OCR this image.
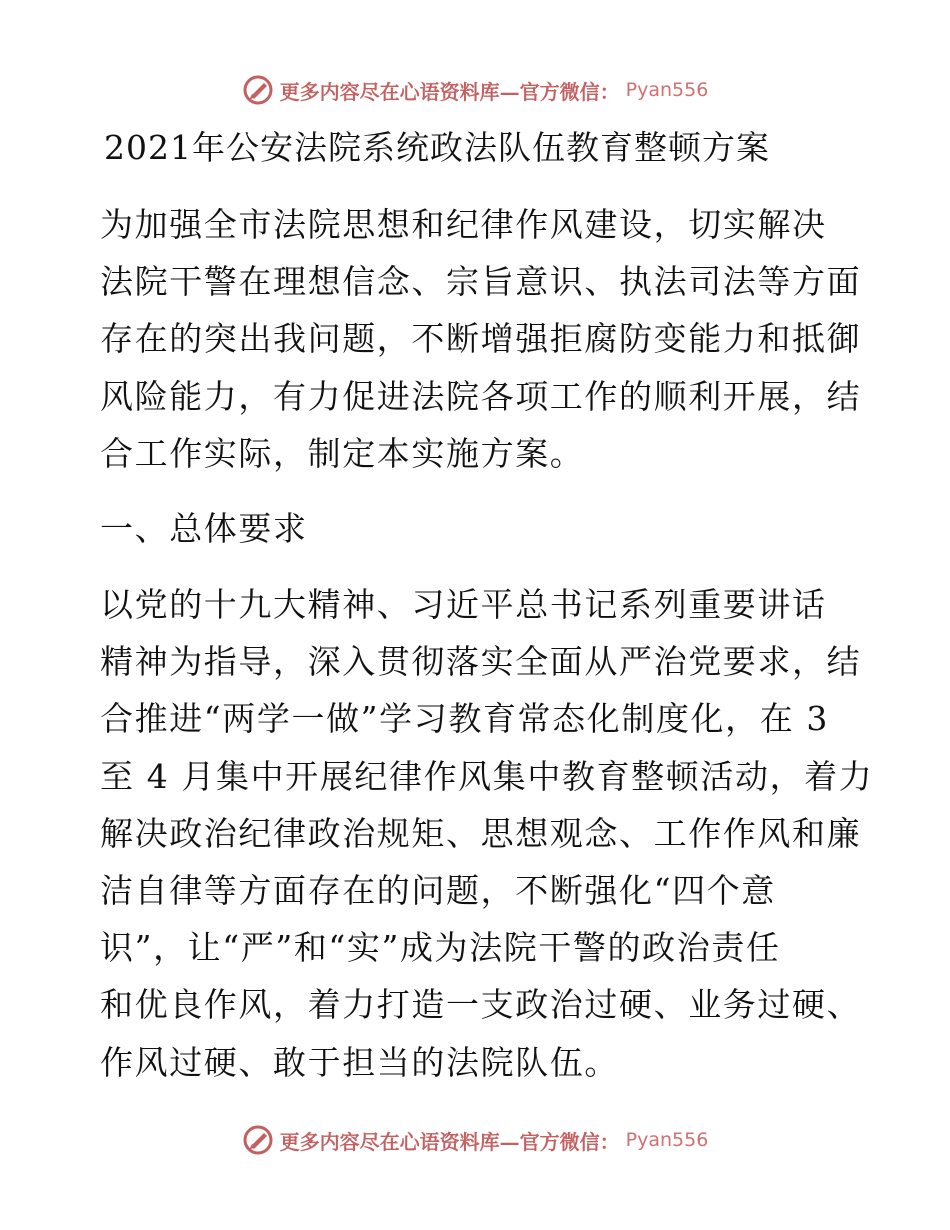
更多内容尽在心语资料库—官方微信： Pyan556
2021年公安法院系统政法队伍教育整顿方案
为加强全市法院思想和纪律作风建设，切实解决
法院干警在理想信念、宗旨意识、执法司法等方面
存在的突出我问题，不断增强拒腐防变能力和抵御
风险能力，有力促进法院各项工作的顺利开展，结
合工作实际，制定本实施方案。
一、总体要求
以党的十九大精神、习近平总书记系列重要讲话
精神为指导，深入贯彻落实全面从严治党要求，结
合推进“两学一做”学习教育常态化制度化，在 3
至 4 月集中开展纪律作风集中教育整顿活动，着力
解决政治纪律政治规矩、思想观念、工作作风和廉
洁自律等方面存在的问题，不断强化“四个意
识”，让“严”和“实”成为法院干警的政治责任
和优良作风，着力打造一支政治过硬、业务过硬、
作风过硬、敢于担当的法院队伍。
更多内容尽在心语资料库—官方微信： Pyan556
